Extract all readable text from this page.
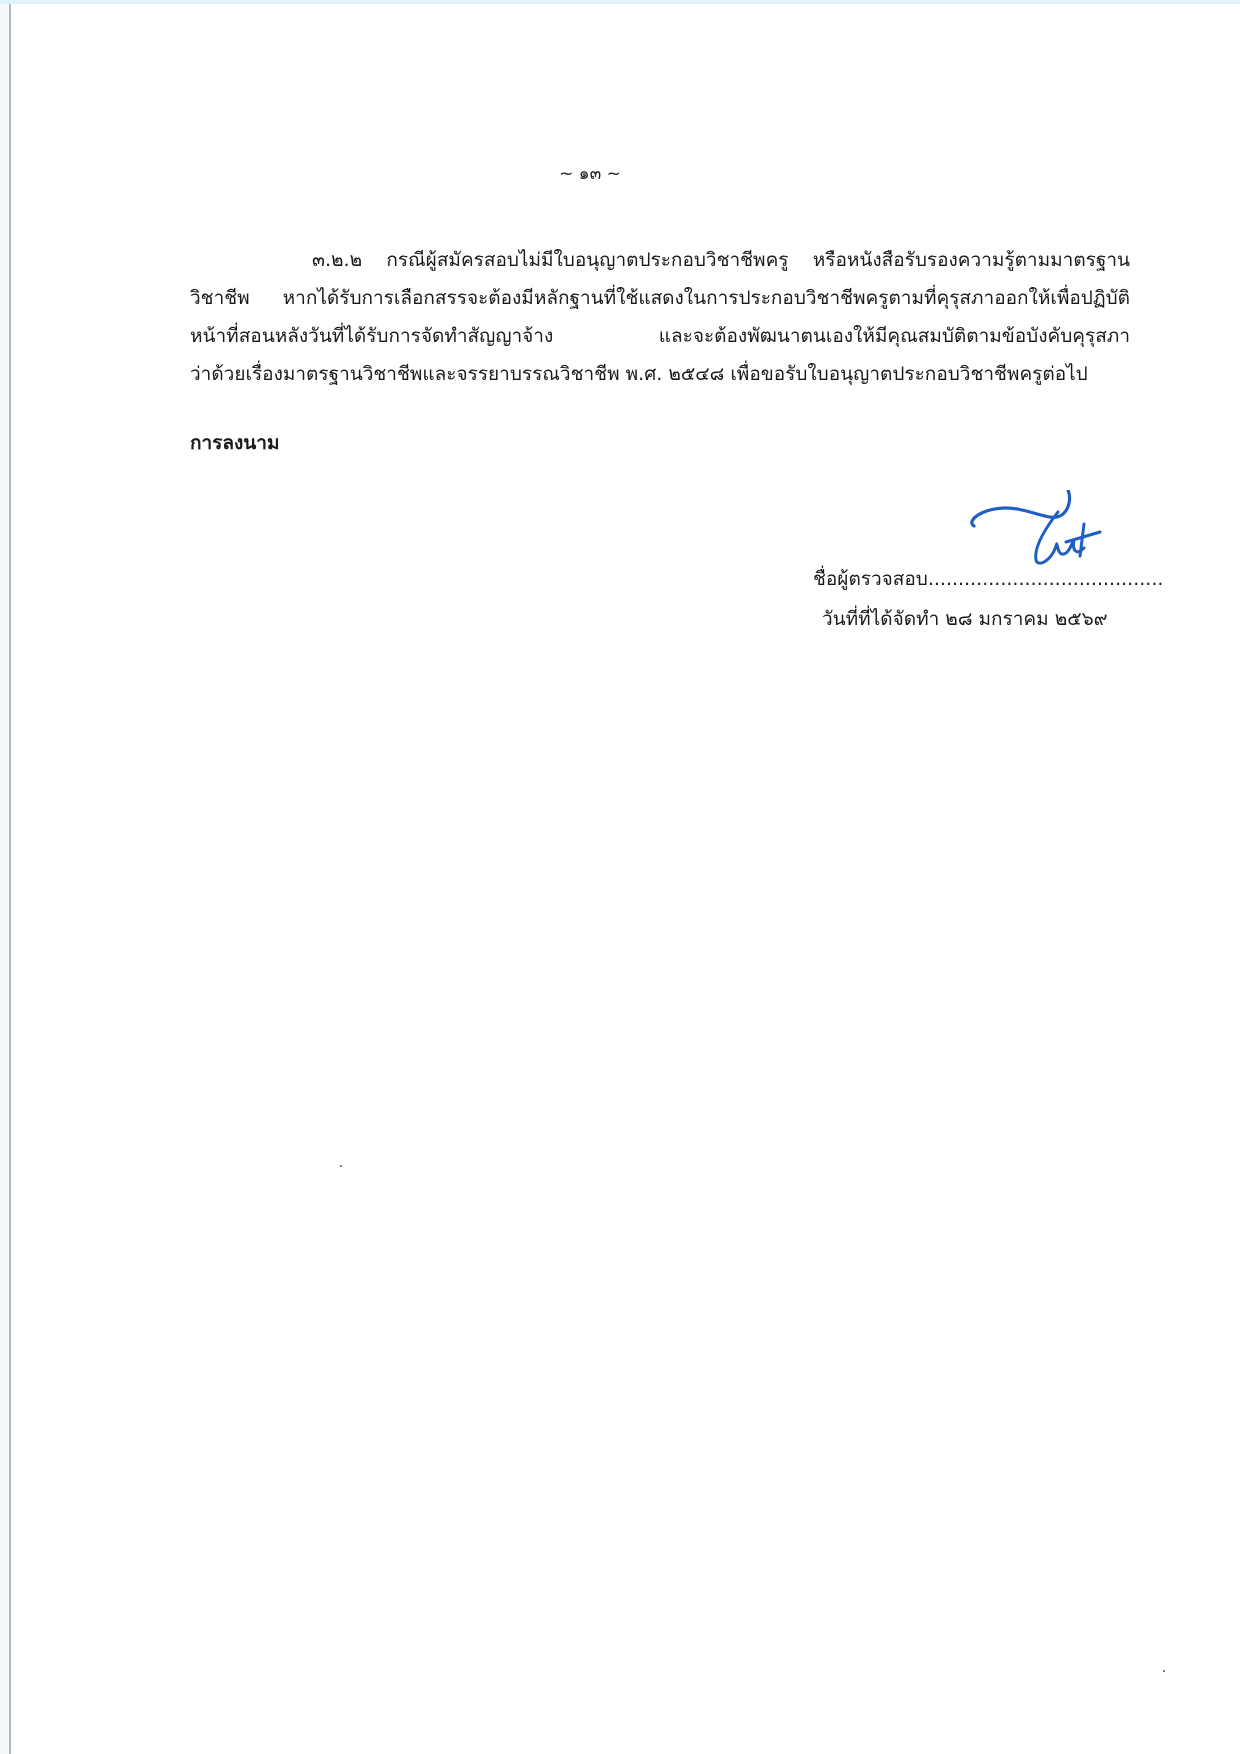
~ ๑๓ ~
๓.๒.๒ กรณีผู้สมัครสอบไม่มีใบอนุญาตประกอบวิชาชีพครู หรือหนังสือรับรองความรู้ตามมาตรฐาน
วิชาชีพ หากได้รับการเลือกสรรจะต้องมีหลักฐานที่ใช้แสดงในการประกอบวิชาชีพครูตามที่คุรุสภาออกให้เพื่อปฏิบัติ
หน้าที่สอนหลังวันที่ได้รับการจัดทำสัญญาจ้าง และจะต้องพัฒนาตนเองให้มีคุณสมบัติตามข้อบังคับคุรุสภา
ว่าด้วยเรื่องมาตรฐานวิชาชีพและจรรยาบรรณวิชาชีพ พ.ศ. ๒๕๔๘ เพื่อขอรับใบอนุญาตประกอบวิชาชีพครูต่อไป
การลงนาม
ชื่อผู้ตรวจสอบ.......................................
วันที่ที่ได้จัดทำ ๒๘ มกราคม ๒๕๖๙
